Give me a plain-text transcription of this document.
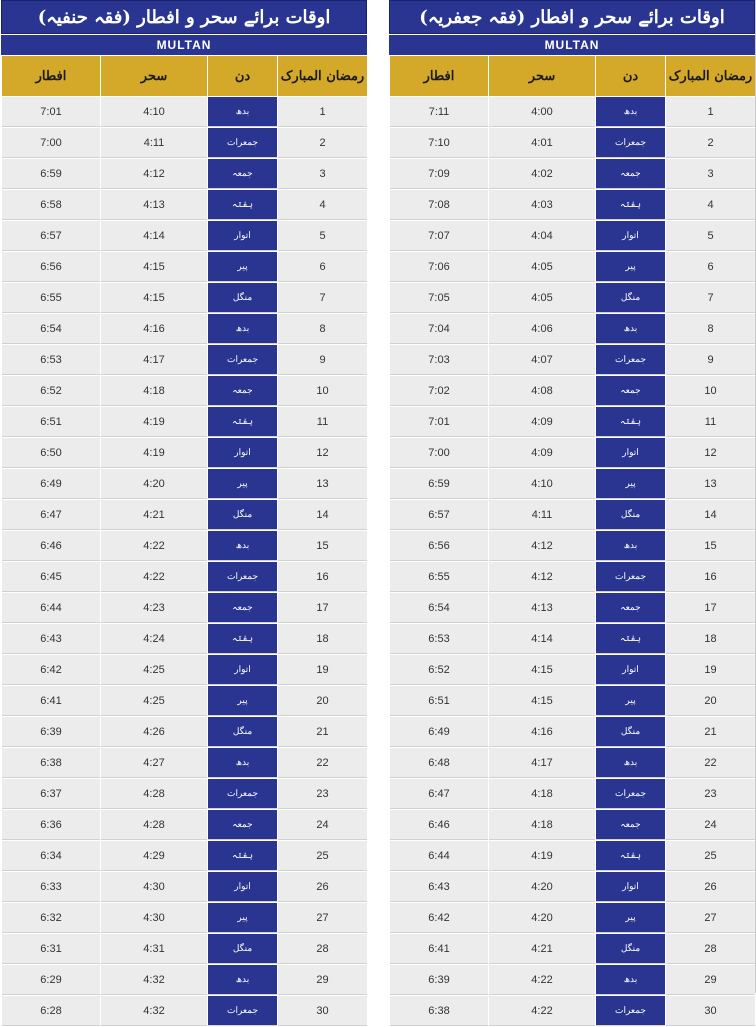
اوقات برائے سحر و افطار (فقہ حنفیہ)
MULTAN
افطار	سحر	دن	رمضان المبارک
7:01	4:10	بدھ	1
7:00	4:11	جمعرات	2
6:59	4:12	جمعہ	3
6:58	4:13	ہفتہ	4
6:57	4:14	اتوار	5
6:56	4:15	پیر	6
6:55	4:15	منگل	7
6:54	4:16	بدھ	8
6:53	4:17	جمعرات	9
6:52	4:18	جمعہ	10
6:51	4:19	ہفتہ	11
6:50	4:19	اتوار	12
6:49	4:20	پیر	13
6:47	4:21	منگل	14
6:46	4:22	بدھ	15
6:45	4:22	جمعرات	16
6:44	4:23	جمعہ	17
6:43	4:24	ہفتہ	18
6:42	4:25	اتوار	19
6:41	4:25	پیر	20
6:39	4:26	منگل	21
6:38	4:27	بدھ	22
6:37	4:28	جمعرات	23
6:36	4:28	جمعہ	24
6:34	4:29	ہفتہ	25
6:33	4:30	اتوار	26
6:32	4:30	پیر	27
6:31	4:31	منگل	28
6:29	4:32	بدھ	29
6:28	4:32	جمعرات	30
اوقات برائے سحر و افطار (فقہ جعفریہ)
MULTAN
افطار	سحر	دن	رمضان المبارک
7:11	4:00	بدھ	1
7:10	4:01	جمعرات	2
7:09	4:02	جمعہ	3
7:08	4:03	ہفتہ	4
7:07	4:04	اتوار	5
7:06	4:05	پیر	6
7:05	4:05	منگل	7
7:04	4:06	بدھ	8
7:03	4:07	جمعرات	9
7:02	4:08	جمعہ	10
7:01	4:09	ہفتہ	11
7:00	4:09	اتوار	12
6:59	4:10	پیر	13
6:57	4:11	منگل	14
6:56	4:12	بدھ	15
6:55	4:12	جمعرات	16
6:54	4:13	جمعہ	17
6:53	4:14	ہفتہ	18
6:52	4:15	اتوار	19
6:51	4:15	پیر	20
6:49	4:16	منگل	21
6:48	4:17	بدھ	22
6:47	4:18	جمعرات	23
6:46	4:18	جمعہ	24
6:44	4:19	ہفتہ	25
6:43	4:20	اتوار	26
6:42	4:20	پیر	27
6:41	4:21	منگل	28
6:39	4:22	بدھ	29
6:38	4:22	جمعرات	30
